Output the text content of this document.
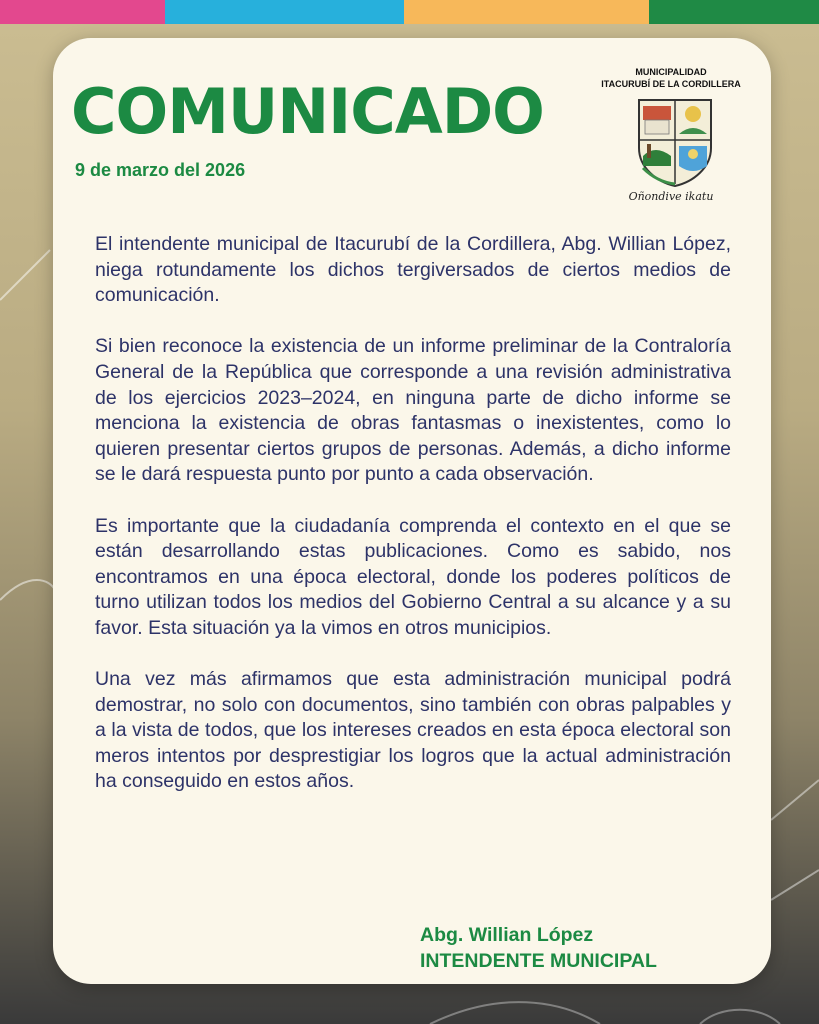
COMUNICADO
9 de marzo del 2026
MUNICIPALIDAD
ITACURUBÍ DE LA CORDILLERA
Oñondive ikatu

El intendente municipal de Itacurubí de la Cordillera, Abg. Willian López, niega rotundamente los dichos tergiversados de ciertos medios de comunicación.

Si bien reconoce la existencia de un informe preliminar de la Contraloría General de la República que corresponde a una revisión administrativa de los ejercicios 2023–2024, en ninguna parte de dicho informe se menciona la existencia de obras fantasmas o inexistentes, como lo quieren presentar ciertos grupos de personas. Además, a dicho informe se le dará respuesta punto por punto a cada observación.

Es importante que la ciudadanía comprenda el contexto en el que se están desarrollando estas publicaciones. Como es sabido, nos encontramos en una época electoral, donde los poderes políticos de turno utilizan todos los medios del Gobierno Central a su alcance y a su favor. Esta situación ya la vimos en otros municipios.

Una vez más afirmamos que esta administración municipal podrá demostrar, no solo con documentos, sino también con obras palpables y a la vista de todos, que los intereses creados en esta época electoral son meros intentos por desprestigiar los logros que la actual administración ha conseguido en estos años.

Abg. Willian López
INTENDENTE MUNICIPAL
